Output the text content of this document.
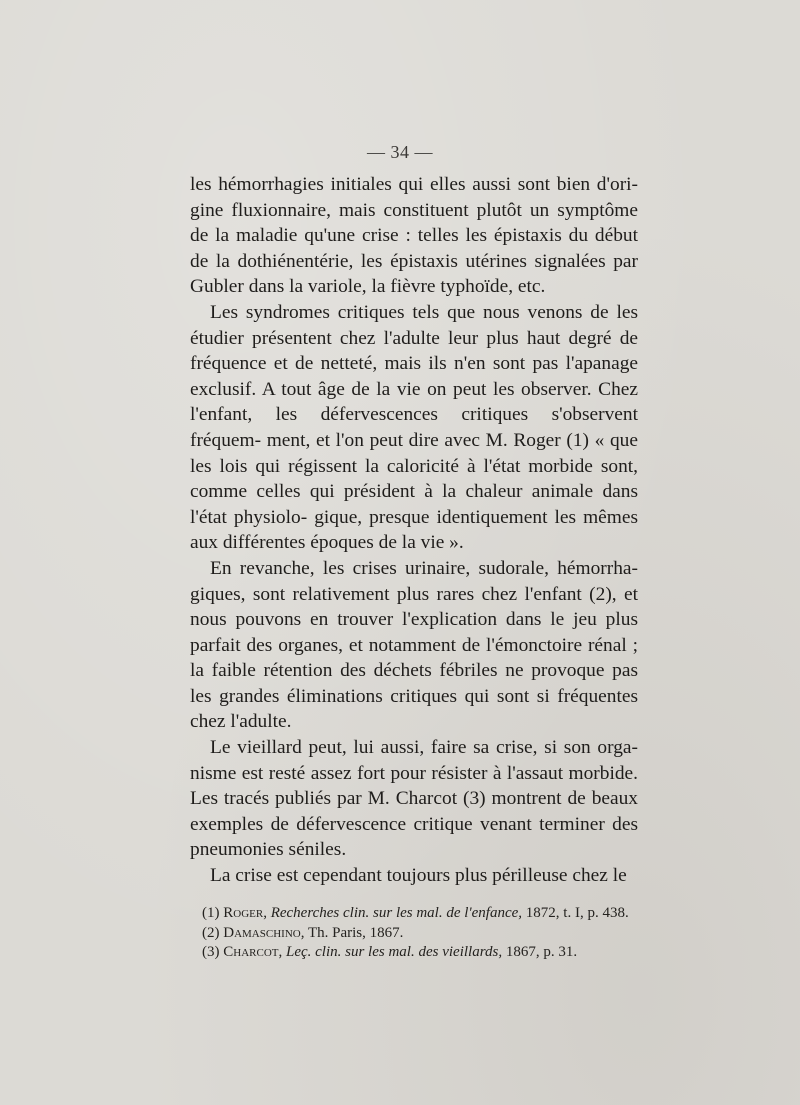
— 34 —

les hémorrhagies initiales qui elles aussi sont bien d'ori- gine fluxionnaire, mais constituent plutôt un symptôme de la maladie qu'une crise : telles les épistaxis du début de la dothiénentérie, les épistaxis utérines signalées par Gubler dans la variole, la fièvre typhoïde, etc.

Les syndromes critiques tels que nous venons de les étudier présentent chez l'adulte leur plus haut degré de fréquence et de netteté, mais ils n'en sont pas l'apanage exclusif. A tout âge de la vie on peut les observer. Chez l'enfant, les défervescences critiques s'observent fréquem- ment, et l'on peut dire avec M. Roger (1) « que les lois qui régissent la caloricité à l'état morbide sont, comme celles qui président à la chaleur animale dans l'état physiolo- gique, presque identiquement les mêmes aux différentes époques de la vie ».

En revanche, les crises urinaire, sudorale, hémorrha- giques, sont relativement plus rares chez l'enfant (2), et nous pouvons en trouver l'explication dans le jeu plus parfait des organes, et notamment de l'émonctoire rénal ; la faible rétention des déchets fébriles ne provoque pas les grandes éliminations critiques qui sont si fréquentes chez l'adulte.

Le vieillard peut, lui aussi, faire sa crise, si son orga- nisme est resté assez fort pour résister à l'assaut morbide. Les tracés publiés par M. Charcot (3) montrent de beaux exemples de défervescence critique venant terminer des pneumonies séniles.

La crise est cependant toujours plus périlleuse chez le

(1) Roger, Recherches clin. sur les mal. de l'enfance, 1872, t. I, p. 438.
(2) Damaschino, Th. Paris, 1867.
(3) Charcot, Leç. clin. sur les mal. des vieillards, 1867, p. 31.
